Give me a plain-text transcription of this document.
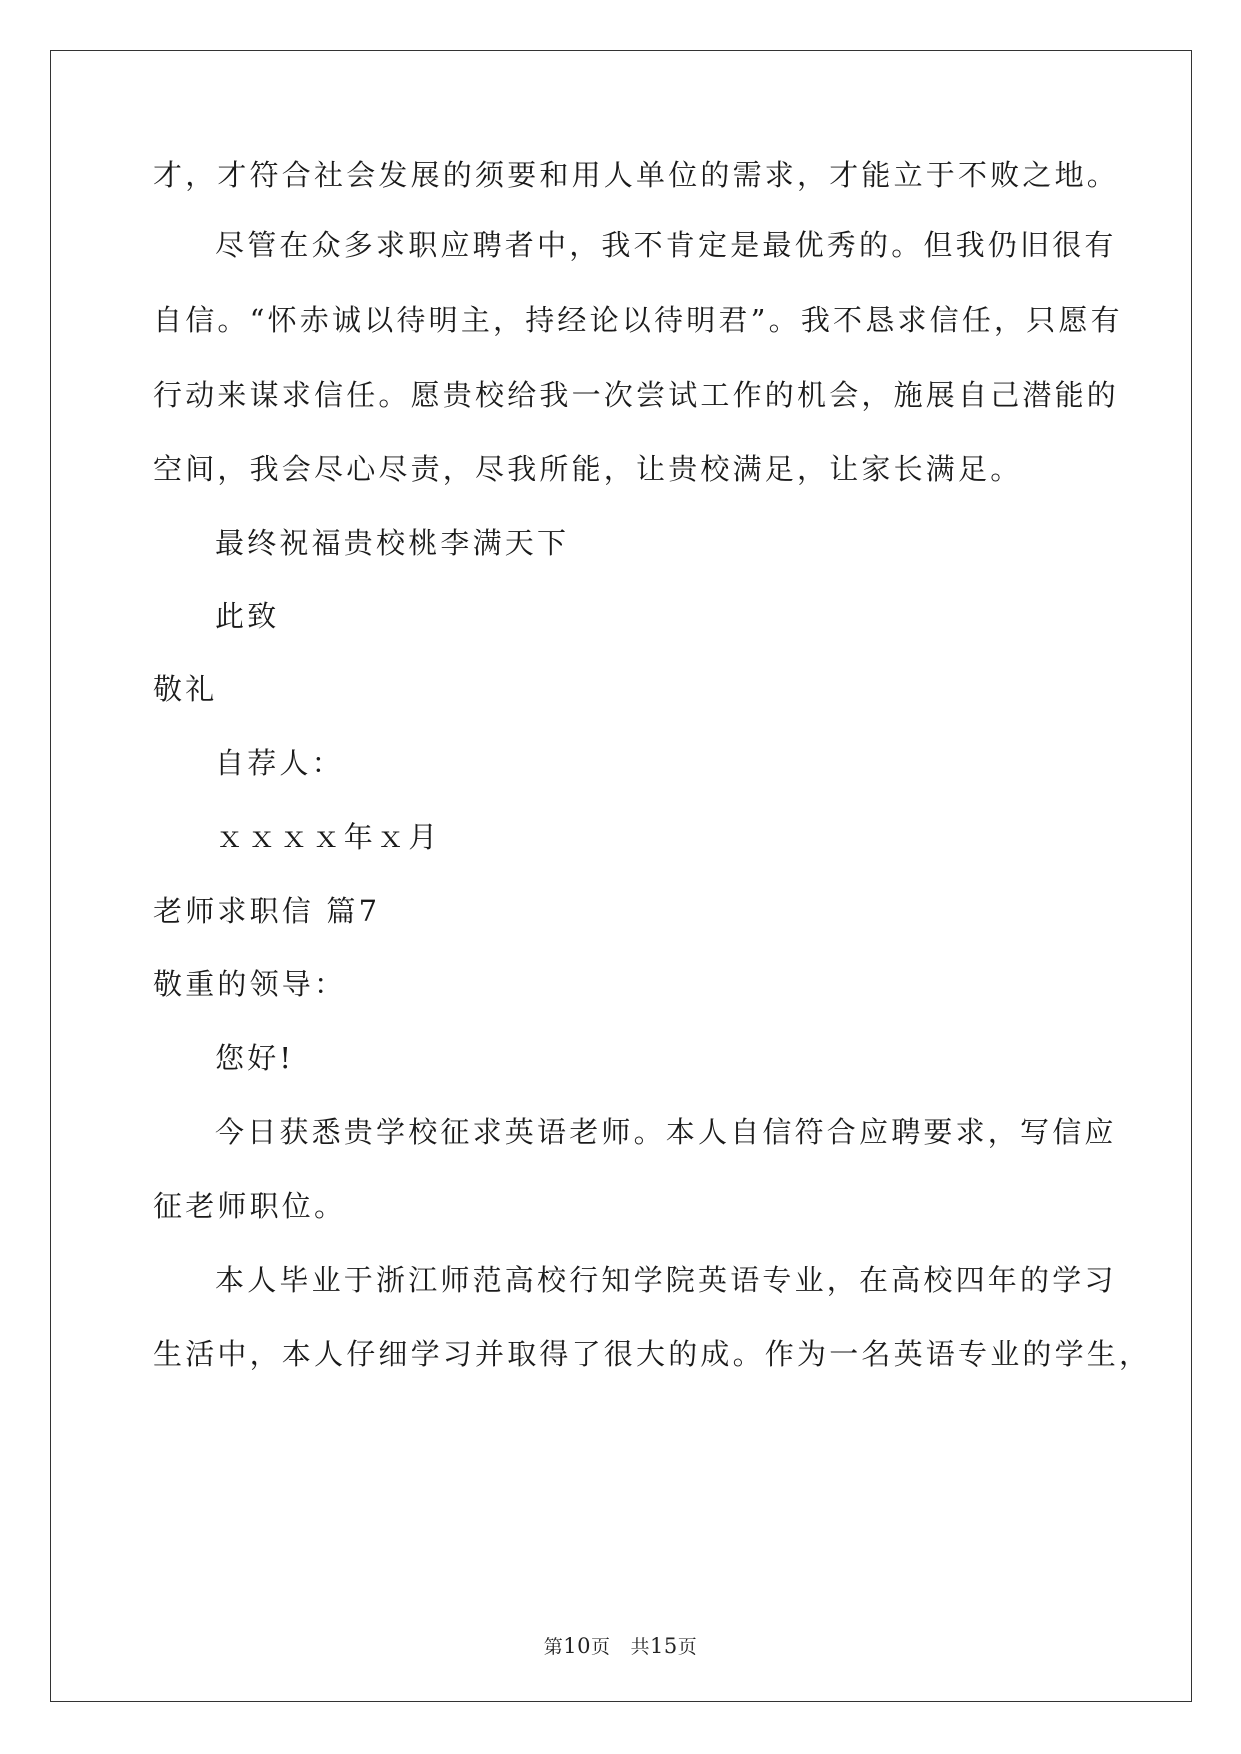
才，才符合社会发展的须要和用人单位的需求，才能立于不败之地。
尽管在众多求职应聘者中，我不肯定是最优秀的。但我仍旧很有
自信。“怀赤诚以待明主，持经论以待明君”。我不恳求信任，只愿有
行动来谋求信任。愿贵校给我一次尝试工作的机会，施展自己潜能的
空间，我会尽心尽责，尽我所能，让贵校满足，让家长满足。
最终祝福贵校桃李满天下
此致
敬礼
自荐人：
ｘｘｘｘ年ｘ月
老师求职信 篇7
敬重的领导：
您好!
今日获悉贵学校征求英语老师。本人自信符合应聘要求，写信应
征老师职位。
本人毕业于浙江师范高校行知学院英语专业，在高校四年的学习
生活中，本人仔细学习并取得了很大的成。作为一名英语专业的学生，
第10页 共15页
